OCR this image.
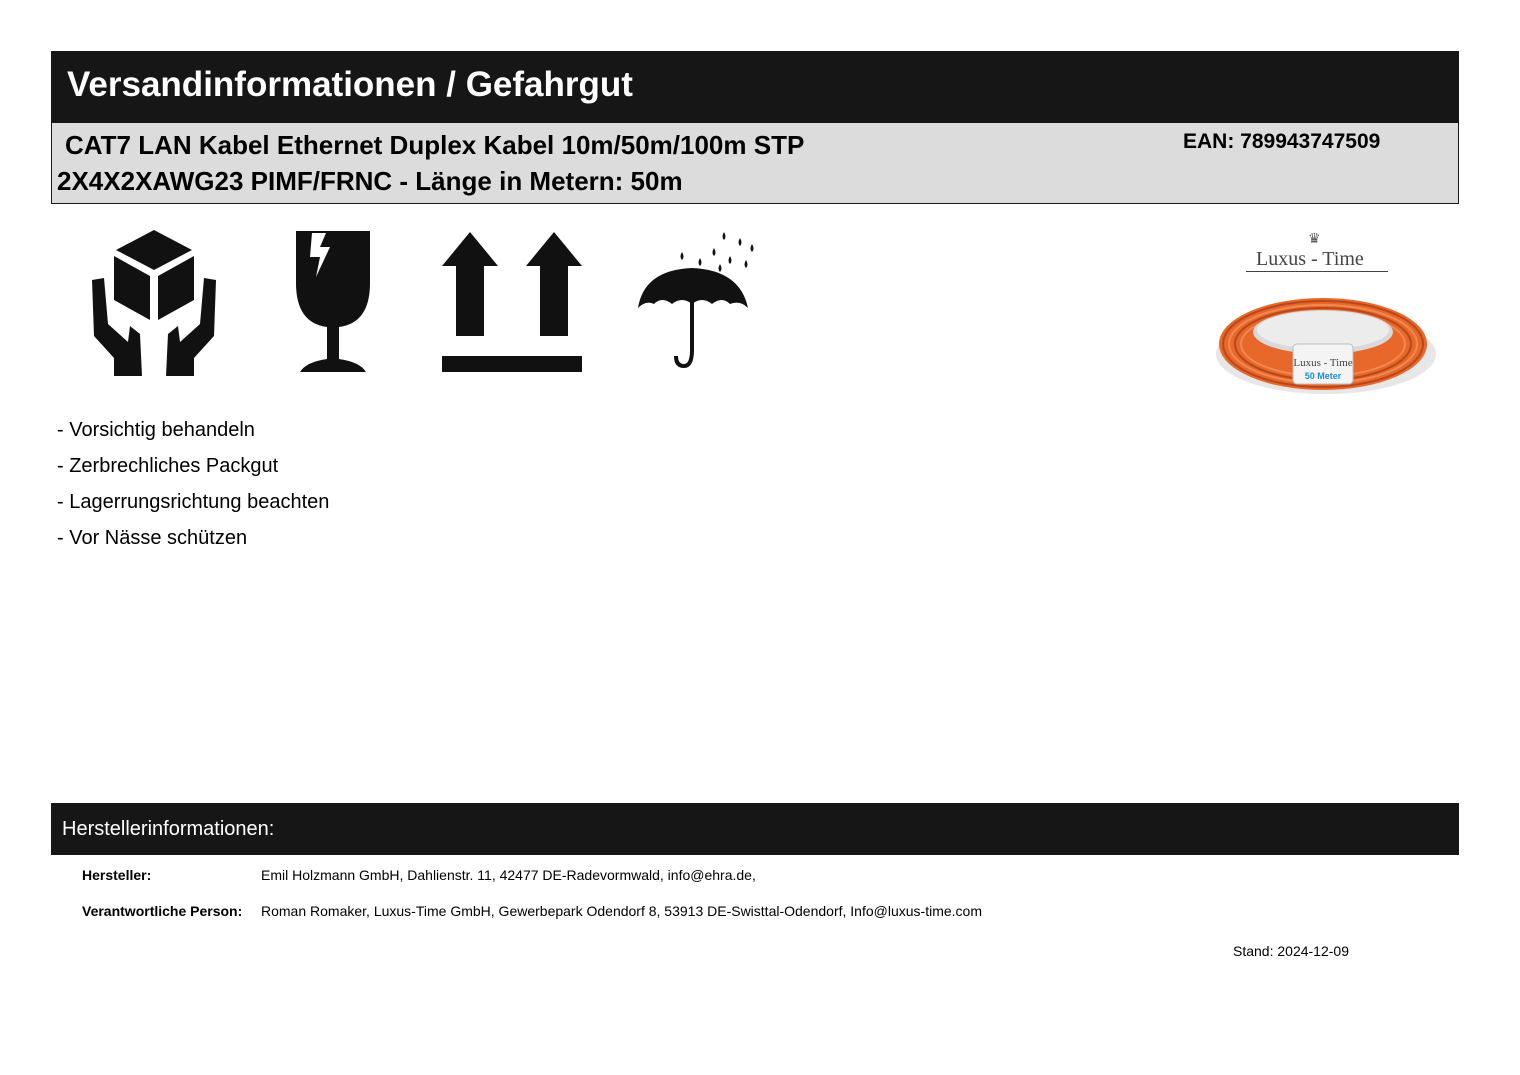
Versandinformationen / Gefahrgut
CAT7 LAN Kabel Ethernet Duplex Kabel 10m/50m/100m STP
2X4X2XAWG23 PIMF/FRNC - Länge in Metern: 50m
EAN: 789943747509
♛
Luxus - Time
Luxus - Time
50 Meter
- Vorsichtig behandeln
- Zerbrechliches Packgut
- Lagerrungsrichtung beachten
- Vor Nässe schützen
Herstellerinformationen:
Hersteller:	Emil Holzmann GmbH, Dahlienstr. 11, 42477 DE-Radevormwald, info@ehra.de,
Verantwortliche Person: Roman Romaker, Luxus-Time GmbH, Gewerbepark Odendorf 8, 53913 DE-Swisttal-Odendorf, Info@luxus-time.com
Stand: 2024-12-09
